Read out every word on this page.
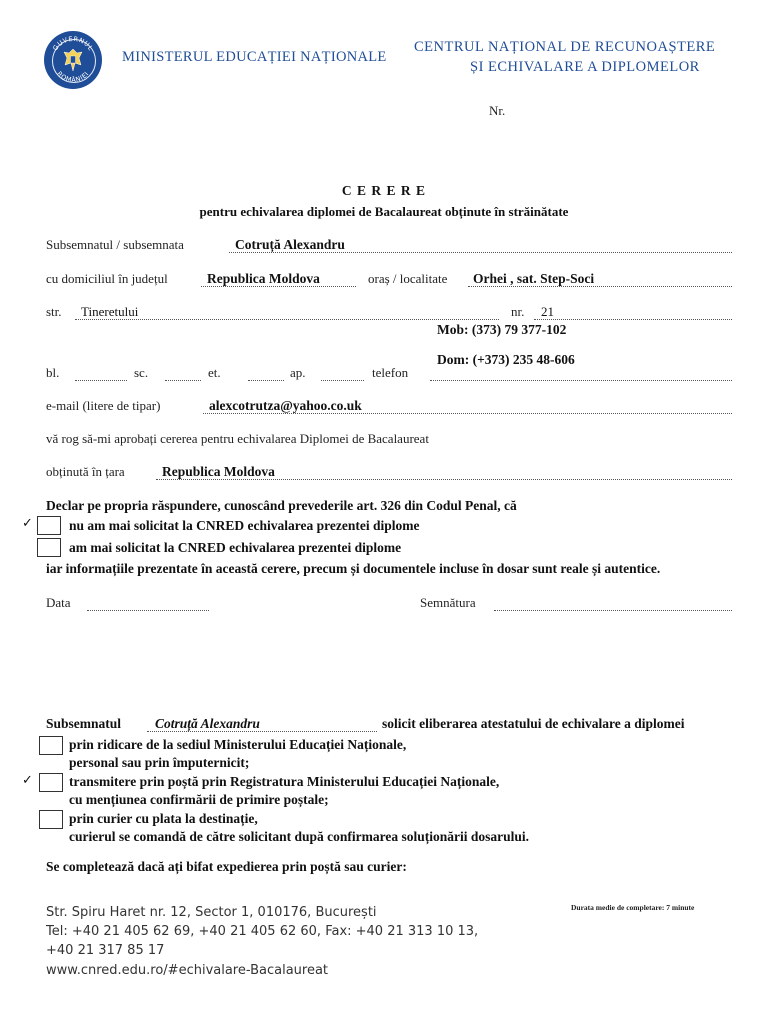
GUVERNUL
ROMÂNIEI
MINISTERUL EDUCAȚIEI NAȚIONALE
CENTRUL NAȚIONAL DE RECUNOAȘTERE
ȘI ECHIVALARE A DIPLOMELOR
Nr.
C E R E R E
pentru echivalarea diplomei de Bacalaureat obținute în străinătate
Subsemnatul / subsemnata	Cotruță Alexandru
cu domiciliul în județul	Republica Moldova	oraș / localitate Orhei , sat. Step-Soci
str. Tineretului	nr. 21
Mob: (373) 79 377-102
Dom: (+373) 235 48-606
bl.	sc.	et.	ap.	telefon
e-mail (litere de tipar)	alexcotrutza@yahoo.co.uk
vă rog să-mi aprobați cererea pentru echivalarea Diplomei de Bacalaureat
obținută în țara	Republica Moldova
Declar pe propria răspundere, cunoscând prevederile art. 326 din Codul Penal, că
✓	nu am mai solicitat la CNRED echivalarea prezentei diplome
am mai solicitat la CNRED echivalarea prezentei diplome
iar informațiile prezentate în această cerere, precum și documentele incluse în dosar sunt reale și autentice.
Data	Semnătura
Subsemnatul	Cotruță Alexandru	solicit eliberarea atestatului de echivalare a diplomei
prin ridicare de la sediul Ministerului Educației Naționale,
personal sau prin împuternicit;
✓	transmitere prin poștă prin Registratura Ministerului Educației Naționale,
cu mențiunea confirmării de primire poștale;
prin curier cu plata la destinație,
curierul se comandă de către solicitant după confirmarea soluționării dosarului.
Se completează dacă ați bifat expedierea prin poștă sau curier:
Str. Spiru Haret nr. 12, Sector 1, 010176, București
Tel: +40 21 405 62 69, +40 21 405 62 60, Fax: +40 21 313 10 13,
+40 21 317 85 17
www.cnred.edu.ro/#echivalare-Bacalaureat
Durata medie de completare: 7 minute
